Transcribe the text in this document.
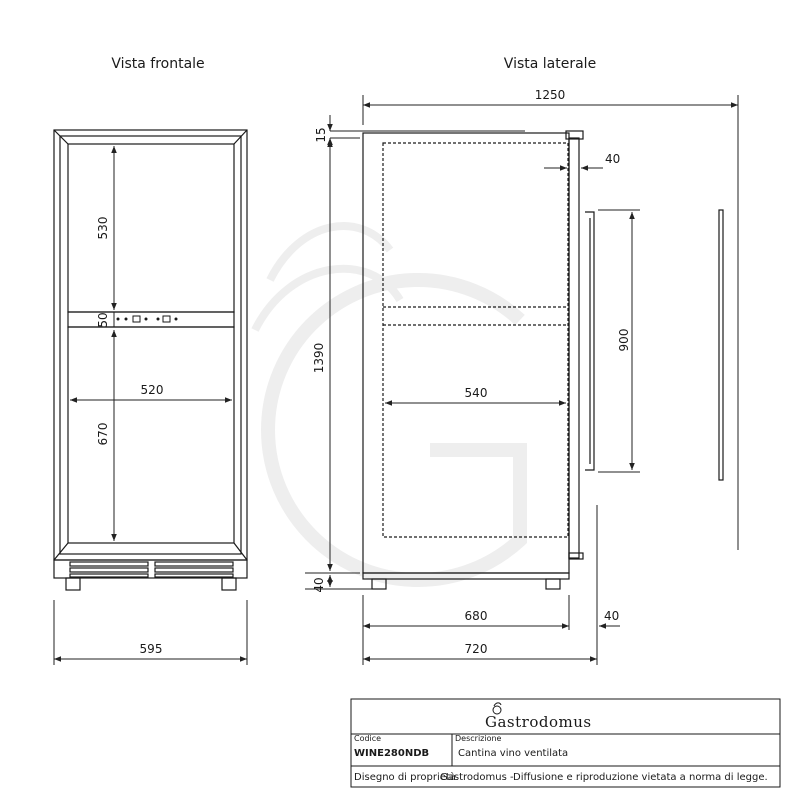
Vista frontale
530
50
520
670
595
Vista laterale
1250
15
40
1390
900
540
40
680	40
720
Gastrodomus
Codice
WINE280NDB
Descrizione
Cantina vino ventilata
Disegno di proprietà
Gastrodomus - Diffusione e riproduzione vietata a norma di legge.
